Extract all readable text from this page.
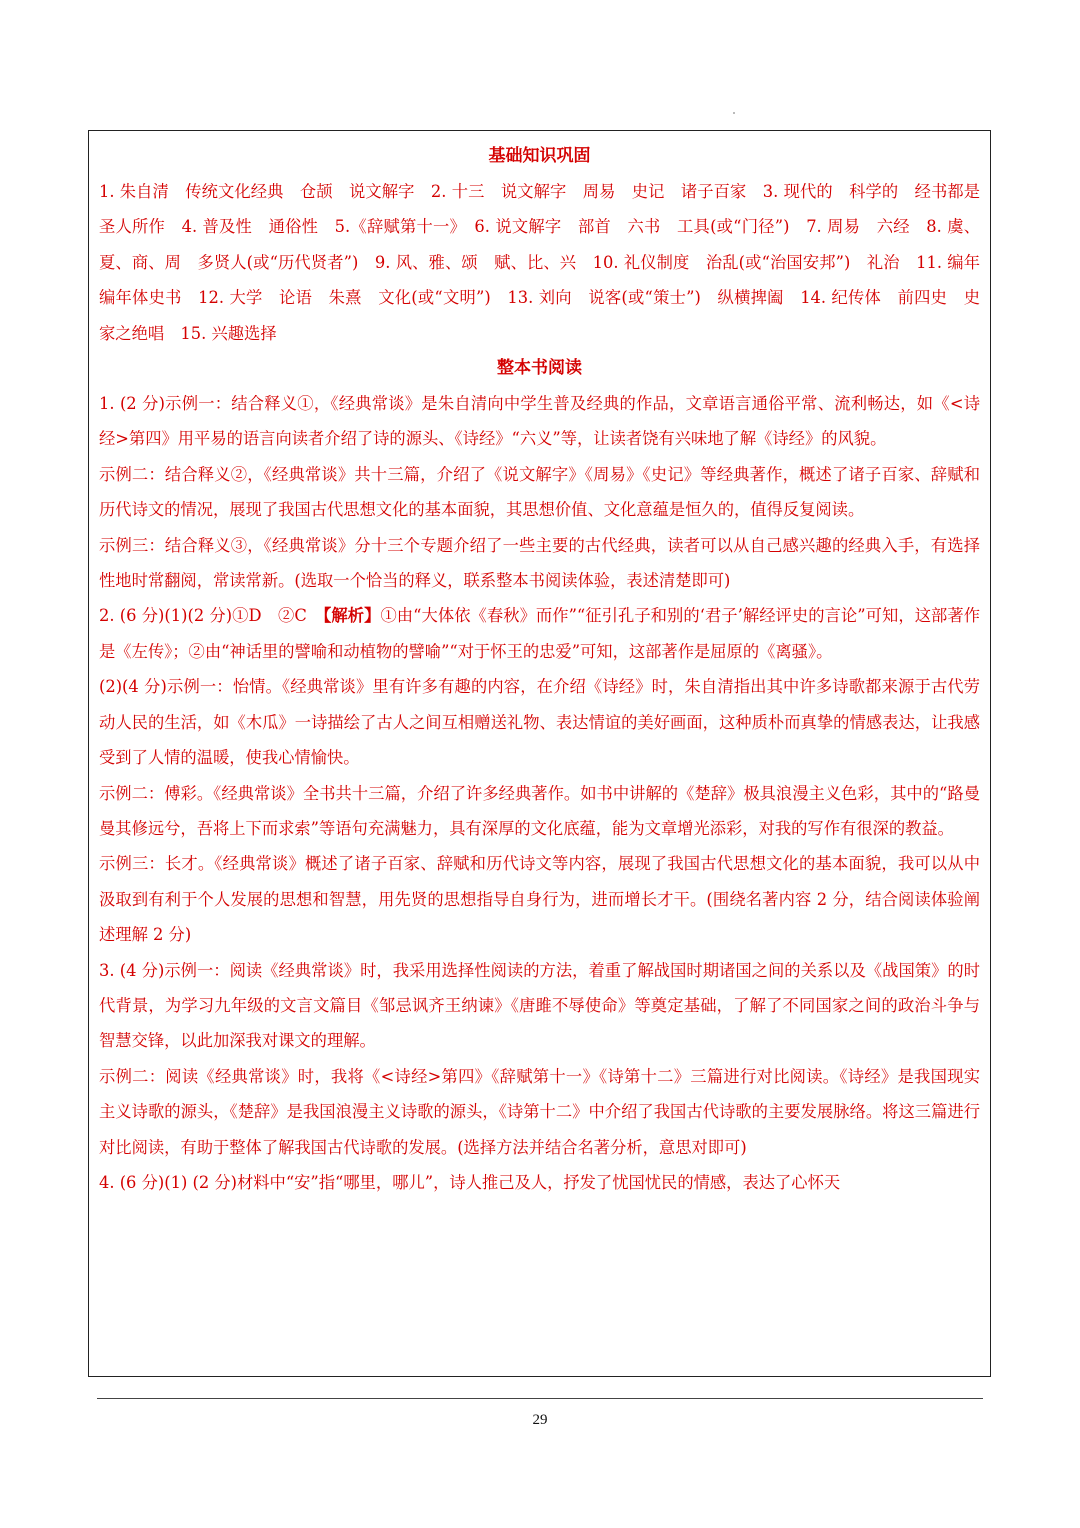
基础知识巩固

1. 朱自清　传统文化经典　仓颉　说文解字　2. 十三　说文解字　周易　史记　诸子百家　3. 现代的　科学的　经书都是圣人所作　4. 普及性　通俗性　5.《辞赋第十一》　6. 说文解字　部首　六书　工具(或“门径”)　7. 周易　六经　8. 虞、夏、商、周　多贤人(或“历代贤者”)　9. 风、雅、颂　赋、比、兴　10. 礼仪制度　治乱(或“治国安邦”)　礼治　11. 编年　编年体史书　12. 大学　论语　朱熹　文化(或“文明”)　13. 刘向　说客(或“策士”)　纵横捭阖　14. 纪传体　前四史　史家之绝唱　15. 兴趣选择

整本书阅读

1. (2 分)示例一：结合释义①，《经典常谈》是朱自清向中学生普及经典的作品，文章语言通俗平常、流利畅达，如《<诗经>第四》用平易的语言向读者介绍了诗的源头、《诗经》“六义”等，让读者饶有兴味地了解《诗经》的风貌。

示例二：结合释义②，《经典常谈》共十三篇，介绍了《说文解字》《周易》《史记》等经典著作，概述了诸子百家、辞赋和历代诗文的情况，展现了我国古代思想文化的基本面貌，其思想价值、文化意蕴是恒久的，值得反复阅读。

示例三：结合释义③，《经典常谈》分十三个专题介绍了一些主要的古代经典，读者可以从自己感兴趣的经典入手，有选择性地时常翻阅，常读常新。(选取一个恰当的释义，联系整本书阅读体验，表述清楚即可)

2. (6 分)(1)(2 分)①D　②C　【解析】①由“大体依《春秋》而作”“征引孔子和别的‘君子’解经评史的言论”可知，这部著作是《左传》；②由“神话里的譬喻和动植物的譬喻”“对于怀王的忠爱”可知，这部著作是屈原的《离骚》。

(2)(4 分)示例一：怡情。《经典常谈》里有许多有趣的内容，在介绍《诗经》时，朱自清指出其中许多诗歌都来源于古代劳动人民的生活，如《木瓜》一诗描绘了古人之间互相赠送礼物、表达情谊的美好画面，这种质朴而真挚的情感表达，让我感受到了人情的温暖，使我心情愉快。

示例二：傅彩。《经典常谈》全书共十三篇，介绍了许多经典著作。如书中讲解的《楚辞》极具浪漫主义色彩，其中的“路曼曼其修远兮，吾将上下而求索”等语句充满魅力，具有深厚的文化底蕴，能为文章增光添彩，对我的写作有很深的教益。

示例三：长才。《经典常谈》概述了诸子百家、辞赋和历代诗文等内容，展现了我国古代思想文化的基本面貌，我可以从中汲取到有利于个人发展的思想和智慧，用先贤的思想指导自身行为，进而增长才干。(围绕名著内容 2 分，结合阅读体验阐述理解 2 分)

3. (4 分)示例一：阅读《经典常谈》时，我采用选择性阅读的方法，着重了解战国时期诸国之间的关系以及《战国策》的时代背景，为学习九年级的文言文篇目《邹忌讽齐王纳谏》《唐雎不辱使命》等奠定基础，了解了不同国家之间的政治斗争与智慧交锋，以此加深我对课文的理解。

示例二：阅读《经典常谈》时，我将《<诗经>第四》《辞赋第十一》《诗第十二》三篇进行对比阅读。《诗经》是我国现实主义诗歌的源头，《楚辞》是我国浪漫主义诗歌的源头，《诗第十二》中介绍了我国古代诗歌的主要发展脉络。将这三篇进行对比阅读，有助于整体了解我国古代诗歌的发展。(选择方法并结合名著分析，意思对即可)

4. (6 分)(1) (2 分)材料中“安”指“哪里，哪儿”，诗人推己及人，抒发了忧国忧民的情感，表达了心怀天

29
